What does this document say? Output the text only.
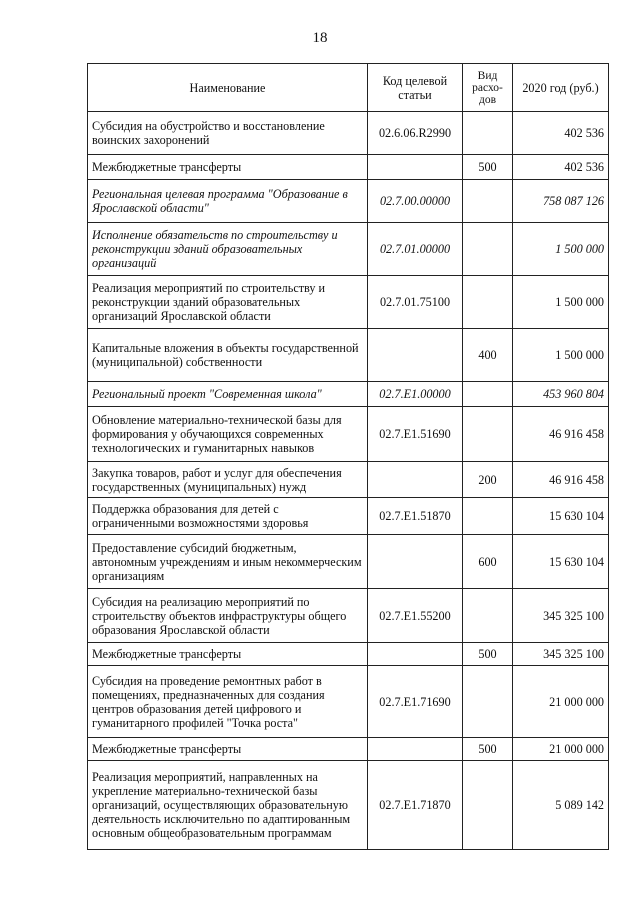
18
Наименование	Код целевой статьи	Вид расхо-дов	2020 год (руб.)
Субсидия на обустройство и восстановление воинских захоронений	02.6.06.R2990		402 536
Межбюджетные трансферты		500	402 536
Региональная целевая программа "Образование в Ярославской области"	02.7.00.00000		758 087 126
Исполнение обязательств по строительству и реконструкции зданий образовательных организаций	02.7.01.00000		1 500 000
Реализация мероприятий по строительству и реконструкции зданий образовательных организаций Ярославской области	02.7.01.75100		1 500 000
Капитальные вложения в объекты государственной (муниципальной) собственности		400	1 500 000
Региональный проект "Современная школа"	02.7.Е1.00000		453 960 804
Обновление материально-технической базы для формирования у обучающихся современных технологических и гуманитарных навыков	02.7.Е1.51690		46 916 458
Закупка товаров, работ и услуг для обеспечения государственных (муниципальных) нужд		200	46 916 458
Поддержка образования для детей с ограниченными возможностями здоровья	02.7.Е1.51870		15 630 104
Предоставление субсидий бюджетным, автономным учреждениям и иным некоммерческим организациям		600	15 630 104
Субсидия на реализацию мероприятий по строительству объектов инфраструктуры общего образования Ярославской области	02.7.Е1.55200		345 325 100
Межбюджетные трансферты		500	345 325 100
Субсидия на проведение ремонтных работ в помещениях, предназначенных для создания центров образования детей цифрового и гуманитарного профилей "Точка роста"	02.7.Е1.71690		21 000 000
Межбюджетные трансферты		500	21 000 000
Реализация мероприятий, направленных на укрепление материально-технической базы организаций, осуществляющих образовательную деятельность исключительно по адаптированным основным общеобразовательным программам	02.7.Е1.71870		5 089 142
